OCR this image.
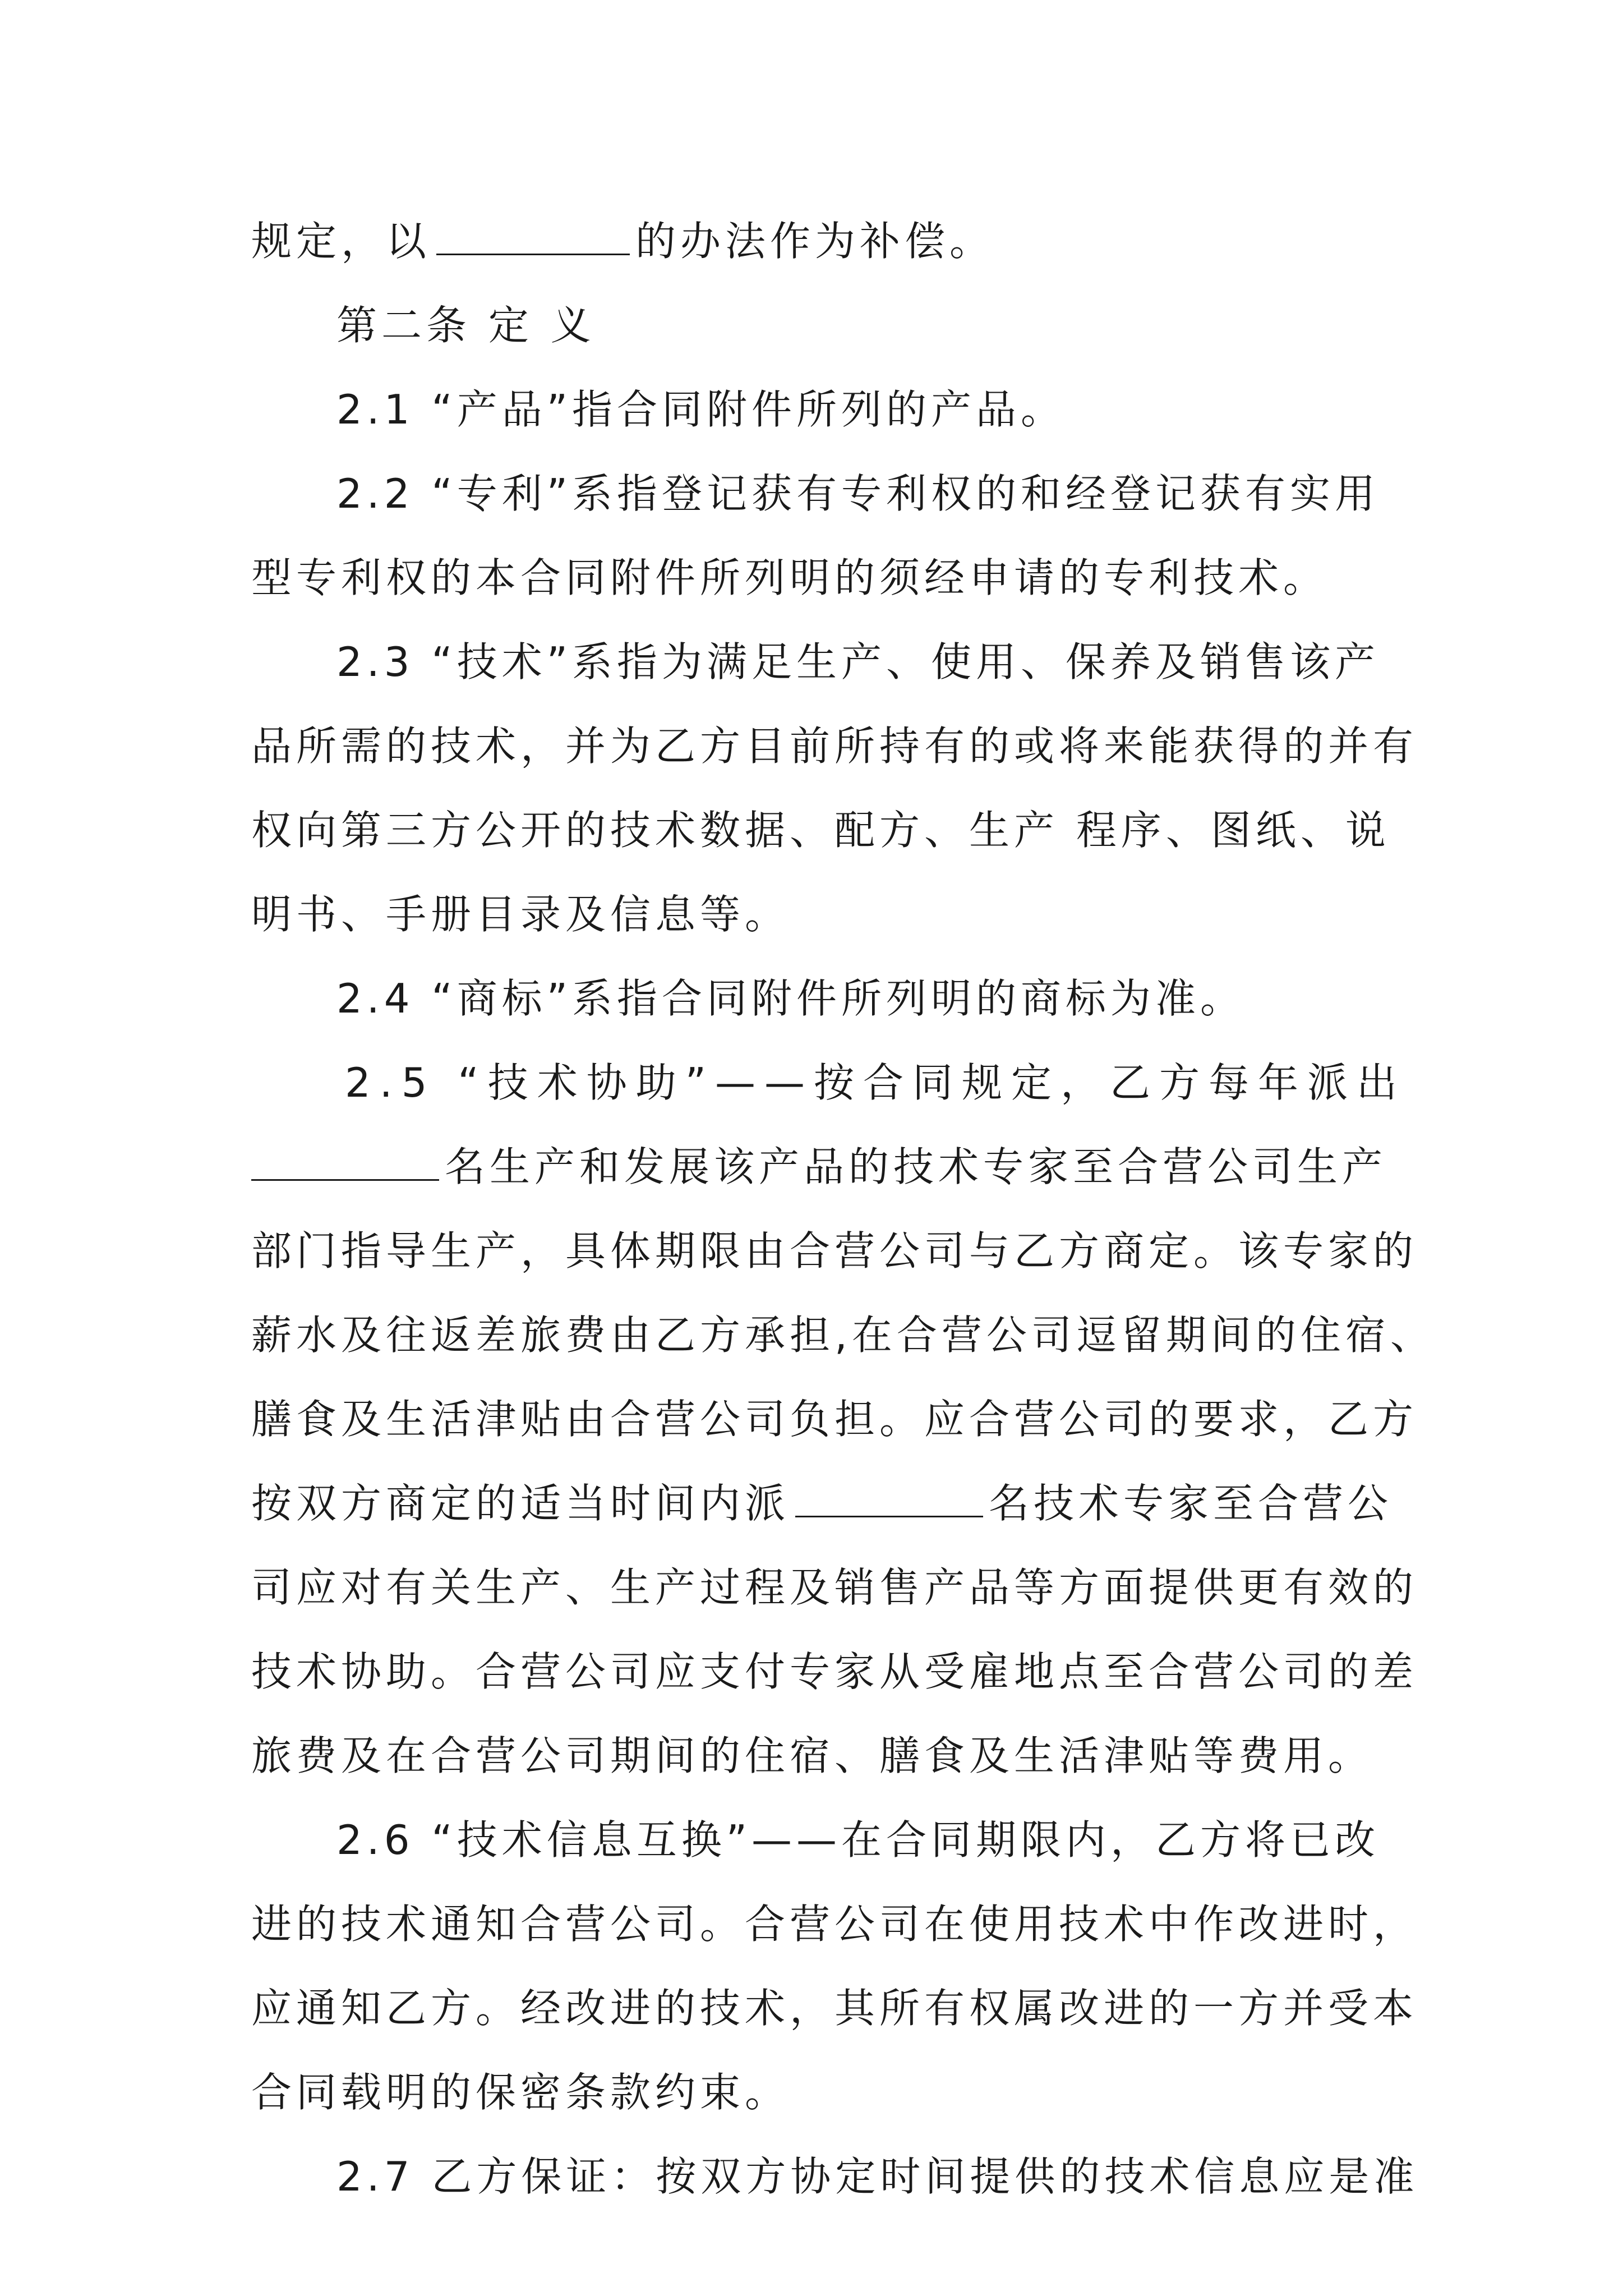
规定，以	的办法作为补偿。
第二条 定 义
2.1 “产品”指合同附件所列的产品。
2.2 “专利”系指登记获有专利权的和经登记获有实用
型专利权的本合同附件所列明的须经申请的专利技术。
2.3 “技术”系指为满足生产、使用、保养及销售该产
品所需的技术，并为乙方目前所持有的或将来能获得的并有
权向第三方公开的技术数据、配方、生产 程序、图纸、说
明书、手册目录及信息等。
2.4 “商标”系指合同附件所列明的商标为准。
2.5 “技术协助”——按合同规定，乙方每年派出
名生产和发展该产品的技术专家至合营公司生产
部门指导生产，具体期限由合营公司与乙方商定。该专家的
薪水及往返差旅费由乙方承担,在合营公司逗留期间的住宿、
膳食及生活津贴由合营公司负担。应合营公司的要求，乙方
按双方商定的适当时间内派	名技术专家至合营公
司应对有关生产、生产过程及销售产品等方面提供更有效的
技术协助。合营公司应支付专家从受雇地点至合营公司的差
旅费及在合营公司期间的住宿、膳食及生活津贴等费用。
2.6 “技术信息互换”——在合同期限内，乙方将已改
进的技术通知合营公司。合营公司在使用技术中作改进时，
应通知乙方。经改进的技术，其所有权属改进的一方并受本
合同载明的保密条款约束。
2.7 乙方保证：按双方协定时间提供的技术信息应是准
